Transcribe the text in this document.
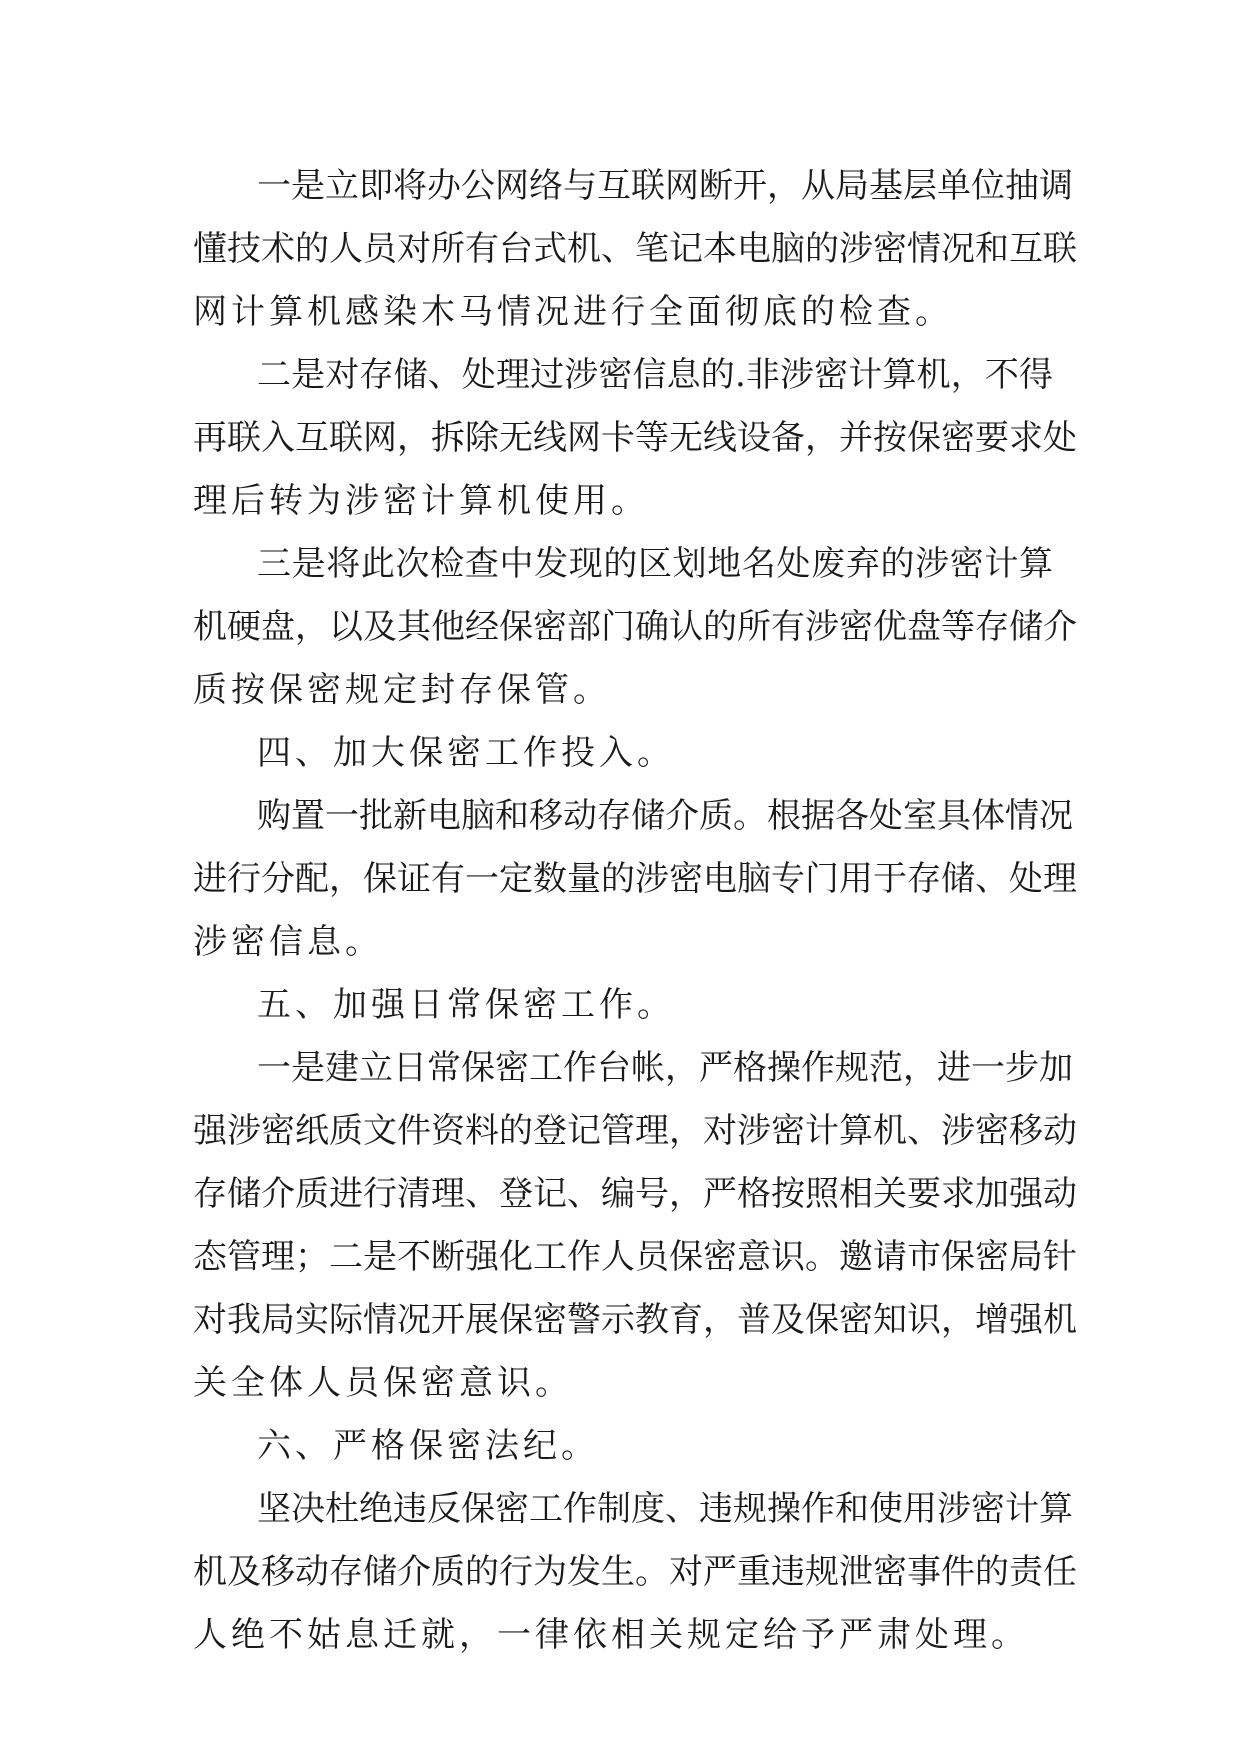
一是立即将办公网络与互联网断开，从局基层单位抽调
懂技术的人员对所有台式机、笔记本电脑的涉密情况和互联
网计算机感染木马情况进行全面彻底的检查。
二是对存储、处理过涉密信息的.非涉密计算机，不得
再联入互联网，拆除无线网卡等无线设备，并按保密要求处
理后转为涉密计算机使用。
三是将此次检查中发现的区划地名处废弃的涉密计算
机硬盘，以及其他经保密部门确认的所有涉密优盘等存储介
质按保密规定封存保管。
四、加大保密工作投入。
购置一批新电脑和移动存储介质。根据各处室具体情况
进行分配，保证有一定数量的涉密电脑专门用于存储、处理
涉密信息。
五、加强日常保密工作。
一是建立日常保密工作台帐，严格操作规范，进一步加
强涉密纸质文件资料的登记管理，对涉密计算机、涉密移动
存储介质进行清理、登记、编号，严格按照相关要求加强动
态管理；二是不断强化工作人员保密意识。邀请市保密局针
对我局实际情况开展保密警示教育，普及保密知识，增强机
关全体人员保密意识。
六、严格保密法纪。
坚决杜绝违反保密工作制度、违规操作和使用涉密计算
机及移动存储介质的行为发生。对严重违规泄密事件的责任
人绝不姑息迁就，一律依相关规定给予严肃处理。
